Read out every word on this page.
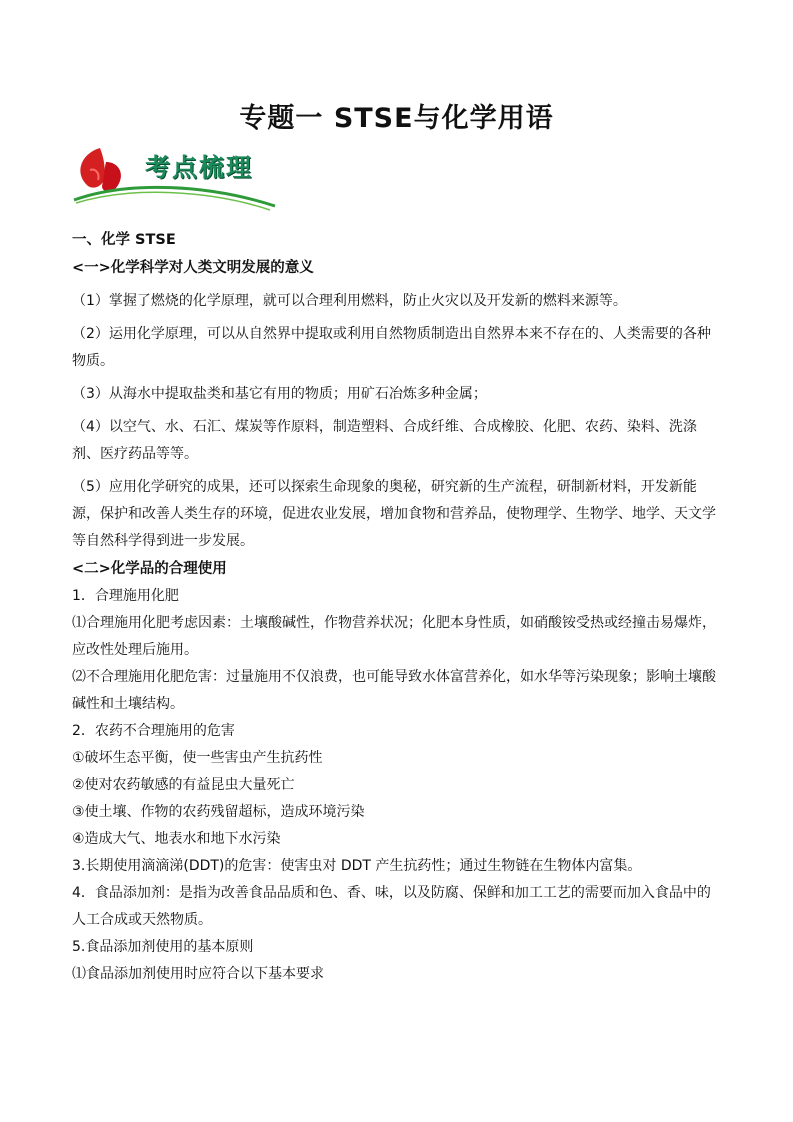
专题一 STSE与化学用语
考点梳理

一、化学 STSE

<一>化学科学对人类文明发展的意义

（1）掌握了燃烧的化学原理，就可以合理利用燃料，防止火灾以及开发新的燃料来源等。

（2）运用化学原理，可以从自然界中提取或利用自然物质制造出自然界本来不存在的、人类需要的各种物质。

（3）从海水中提取盐类和基它有用的物质；用矿石冶炼多种金属；

（4）以空气、水、石汇、煤炭等作原料，制造塑料、合成纤维、合成橡胶、化肥、农药、染料、洗涤剂、医疗药品等等。

（5）应用化学研究的成果，还可以探索生命现象的奥秘，研究新的生产流程，研制新材料，开发新能源，保护和改善人类生存的环境，促进农业发展，增加食物和营养品，使物理学、生物学、地学、天文学等自然科学得到进一步发展。

<二>化学品的合理使用

1．合理施用化肥

⑴合理施用化肥考虑因素：土壤酸碱性，作物营养状况；化肥本身性质，如硝酸铵受热或经撞击易爆炸，应改性处理后施用。

⑵不合理施用化肥危害：过量施用不仅浪费，也可能导致水体富营养化，如水华等污染现象；影响土壤酸碱性和土壤结构。

2．农药不合理施用的危害

①破坏生态平衡，使一些害虫产生抗药性

②使对农药敏感的有益昆虫大量死亡

③使土壤、作物的农药残留超标，造成环境污染

④造成大气、地表水和地下水污染

3.长期使用滴滴涕(DDT)的危害：使害虫对 DDT 产生抗药性；通过生物链在生物体内富集。

4．食品添加剂：是指为改善食品品质和色、香、味，以及防腐、保鲜和加工工艺的需要而加入食品中的人工合成或天然物质。

5.食品添加剂使用的基本原则

⑴食品添加剂使用时应符合以下基本要求
